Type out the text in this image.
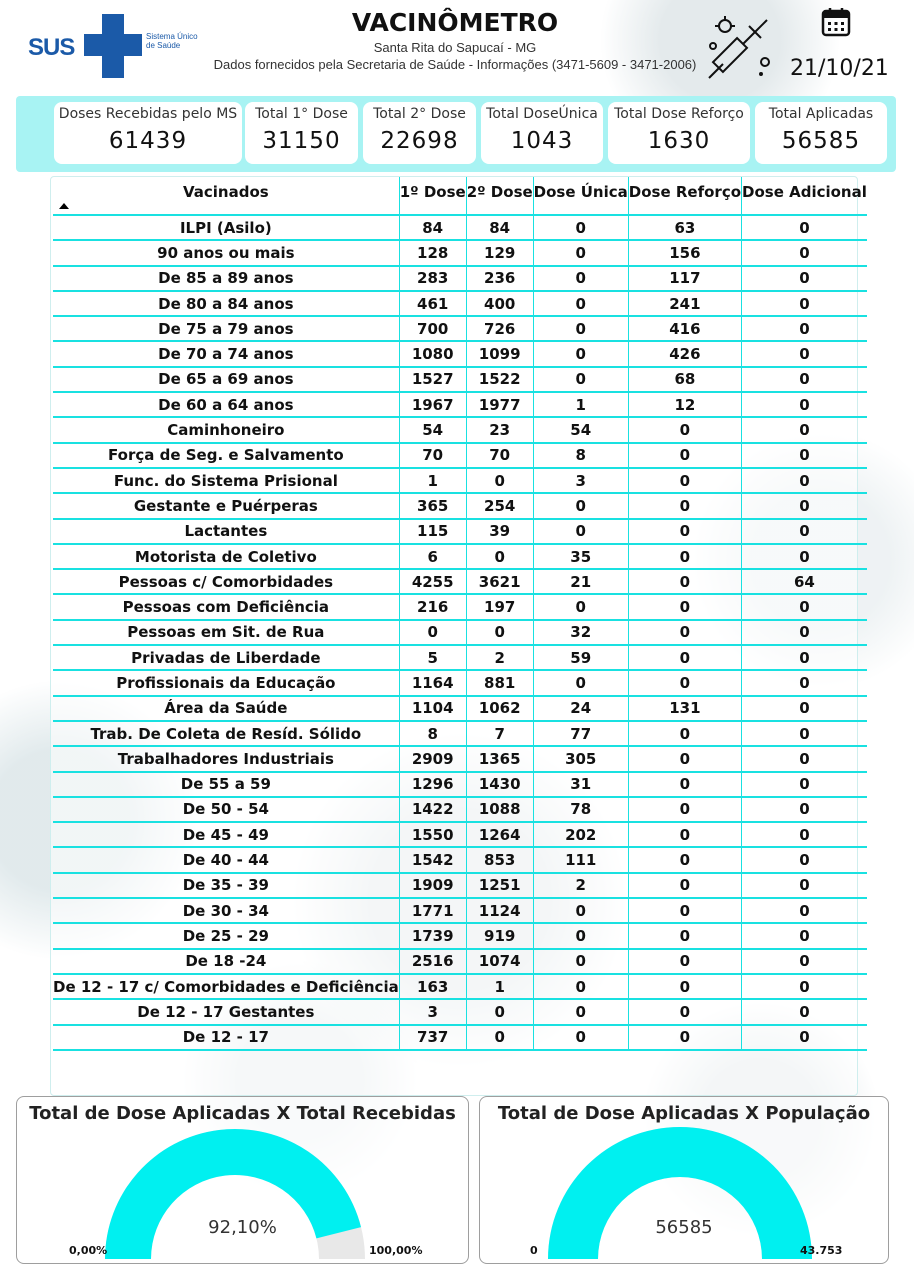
SUS	Sistema Único de Saúde
VACINÔMETRO
Santa Rita do Sapucaí - MG
Dados fornecidos pela Secretaria de Saúde - Informações (3471-5609 - 3471-2006)	21/10/21
Doses Recebidas pelo MS
61439
Total 1° Dose
31150
Total 2° Dose
22698
Total DoseÚnica
1043
Total Dose Reforço
1630
Total Aplicadas
56585
Vacinados	1º Dose	2º Dose	Dose Única	Dose Reforço	Dose Adicional
ILPI (Asilo)	84	84	0	63	0
90 anos ou mais	128	129	0	156	0
De 85 a 89 anos	283	236	0	117	0
De 80 a 84 anos	461	400	0	241	0
De 75 a 79 anos	700	726	0	416	0
De 70 a 74 anos	1080	1099	0	426	0
De 65 a 69 anos	1527	1522	0	68	0
De 60 a 64 anos	1967	1977	1	12	0
Caminhoneiro	54	23	54	0	0
Força de Seg. e Salvamento	70	70	8	0	0
Func. do Sistema Prisional	1	0	3	0	0
Gestante e Puérperas	365	254	0	0	0
Lactantes	115	39	0	0	0
Motorista de Coletivo	6	0	35	0	0
Pessoas c/ Comorbidades	4255	3621	21	0	64
Pessoas com Deficiência	216	197	0	0	0
Pessoas em Sit. de Rua	0	0	32	0	0
Privadas de Liberdade	5	2	59	0	0
Profissionais da Educação	1164	881	0	0	0
Área da Saúde	1104	1062	24	131	0
Trab. De Coleta de Resíd. Sólido	8	7	77	0	0
Trabalhadores Industriais	2909	1365	305	0	0
De 55 a 59	1296	1430	31	0	0
De 50 - 54	1422	1088	78	0	0
De 45 - 49	1550	1264	202	0	0
De 40 - 44	1542	853	111	0	0
De 35 - 39	1909	1251	2	0	0
De 30 - 34	1771	1124	0	0	0
De 25 - 29	1739	919	0	0	0
De 18 -24	2516	1074	0	0	0
De 12 - 17 c/ Comorbidades e Deficiência	163	1	0	0	0
De 12 - 17 Gestantes	3	0	0	0	0
De 12 - 17	737	0	0	0	0
Total de Dose Aplicadas X Total Recebidas
92,10%
0,00%	100,00%
Total de Dose Aplicadas X População
56585
0	43.753
